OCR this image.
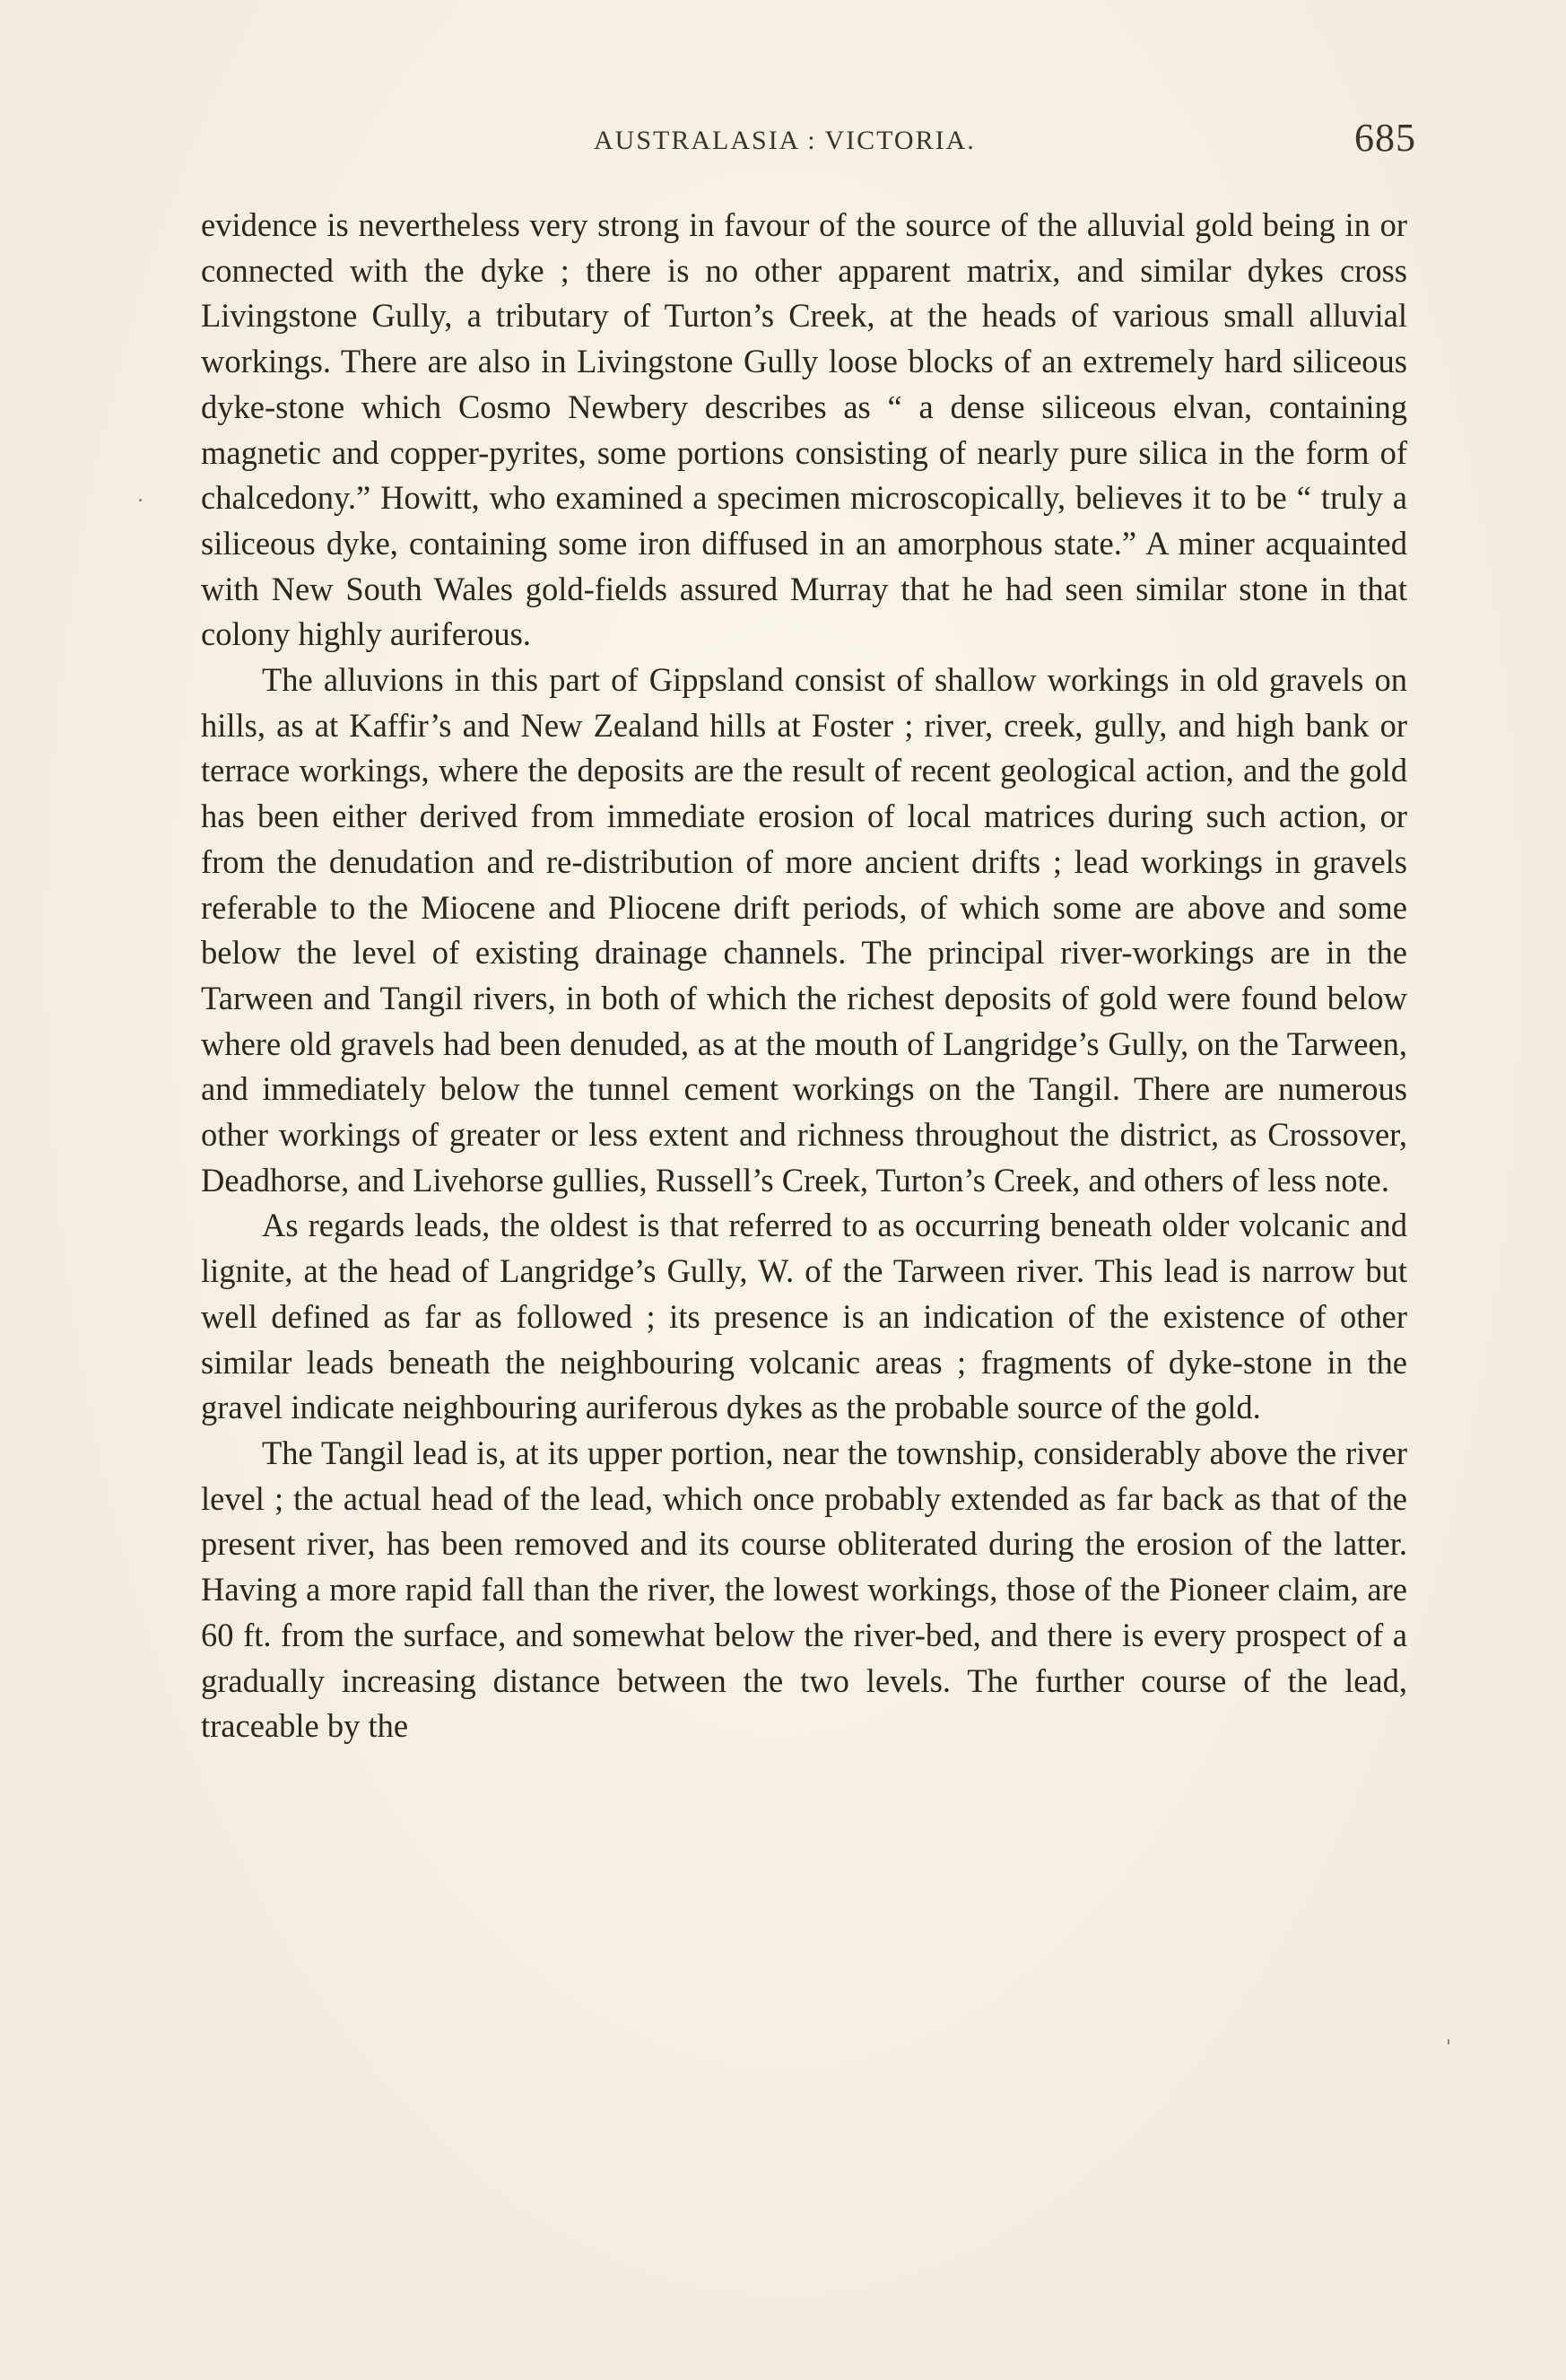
AUSTRALASIA : VICTORIA.	685

evidence is nevertheless very strong in favour of the source of the alluvial gold being in or connected with the dyke ; there is no other apparent matrix, and similar dykes cross Livingstone Gully, a tributary of Turton’s Creek, at the heads of various small alluvial workings. There are also in Livingstone Gully loose blocks of an extremely hard siliceous dyke-stone which Cosmo Newbery describes as “ a dense siliceous elvan, containing magnetic and copper-pyrites, some portions consisting of nearly pure silica in the form of chalcedony.” Howitt, who examined a specimen microscopically, believes it to be “ truly a siliceous dyke, containing some iron diffused in an amorphous state.” A miner acquainted with New South Wales gold-fields assured Murray that he had seen similar stone in that colony highly auriferous.

The alluvions in this part of Gippsland consist of shallow workings in old gravels on hills, as at Kaffir’s and New Zealand hills at Foster ; river, creek, gully, and high bank or terrace workings, where the deposits are the result of recent geological action, and the gold has been either derived from immediate erosion of local matrices during such action, or from the denudation and re-distribution of more ancient drifts ; lead workings in gravels referable to the Miocene and Pliocene drift periods, of which some are above and some below the level of existing drainage channels. The principal river-workings are in the Tarween and Tangil rivers, in both of which the richest deposits of gold were found below where old gravels had been denuded, as at the mouth of Langridge’s Gully, on the Tarween, and immediately below the tunnel cement workings on the Tangil. There are numerous other workings of greater or less extent and richness throughout the district, as Crossover, Deadhorse, and Livehorse gullies, Russell’s Creek, Turton’s Creek, and others of less note.

As regards leads, the oldest is that referred to as occurring beneath older volcanic and lignite, at the head of Langridge’s Gully, W. of the Tarween river. This lead is narrow but well defined as far as followed ; its presence is an indication of the existence of other similar leads beneath the neighbouring volcanic areas ; fragments of dyke-stone in the gravel indicate neighbouring auriferous dykes as the probable source of the gold.

The Tangil lead is, at its upper portion, near the township, considerably above the river level ; the actual head of the lead, which once probably extended as far back as that of the present river, has been removed and its course obliterated during the erosion of the latter. Having a more rapid fall than the river, the lowest workings, those of the Pioneer claim, are 60 ft. from the surface, and somewhat below the river-bed, and there is every prospect of a gradually increasing distance between the two levels. The further course of the lead, traceable by the
